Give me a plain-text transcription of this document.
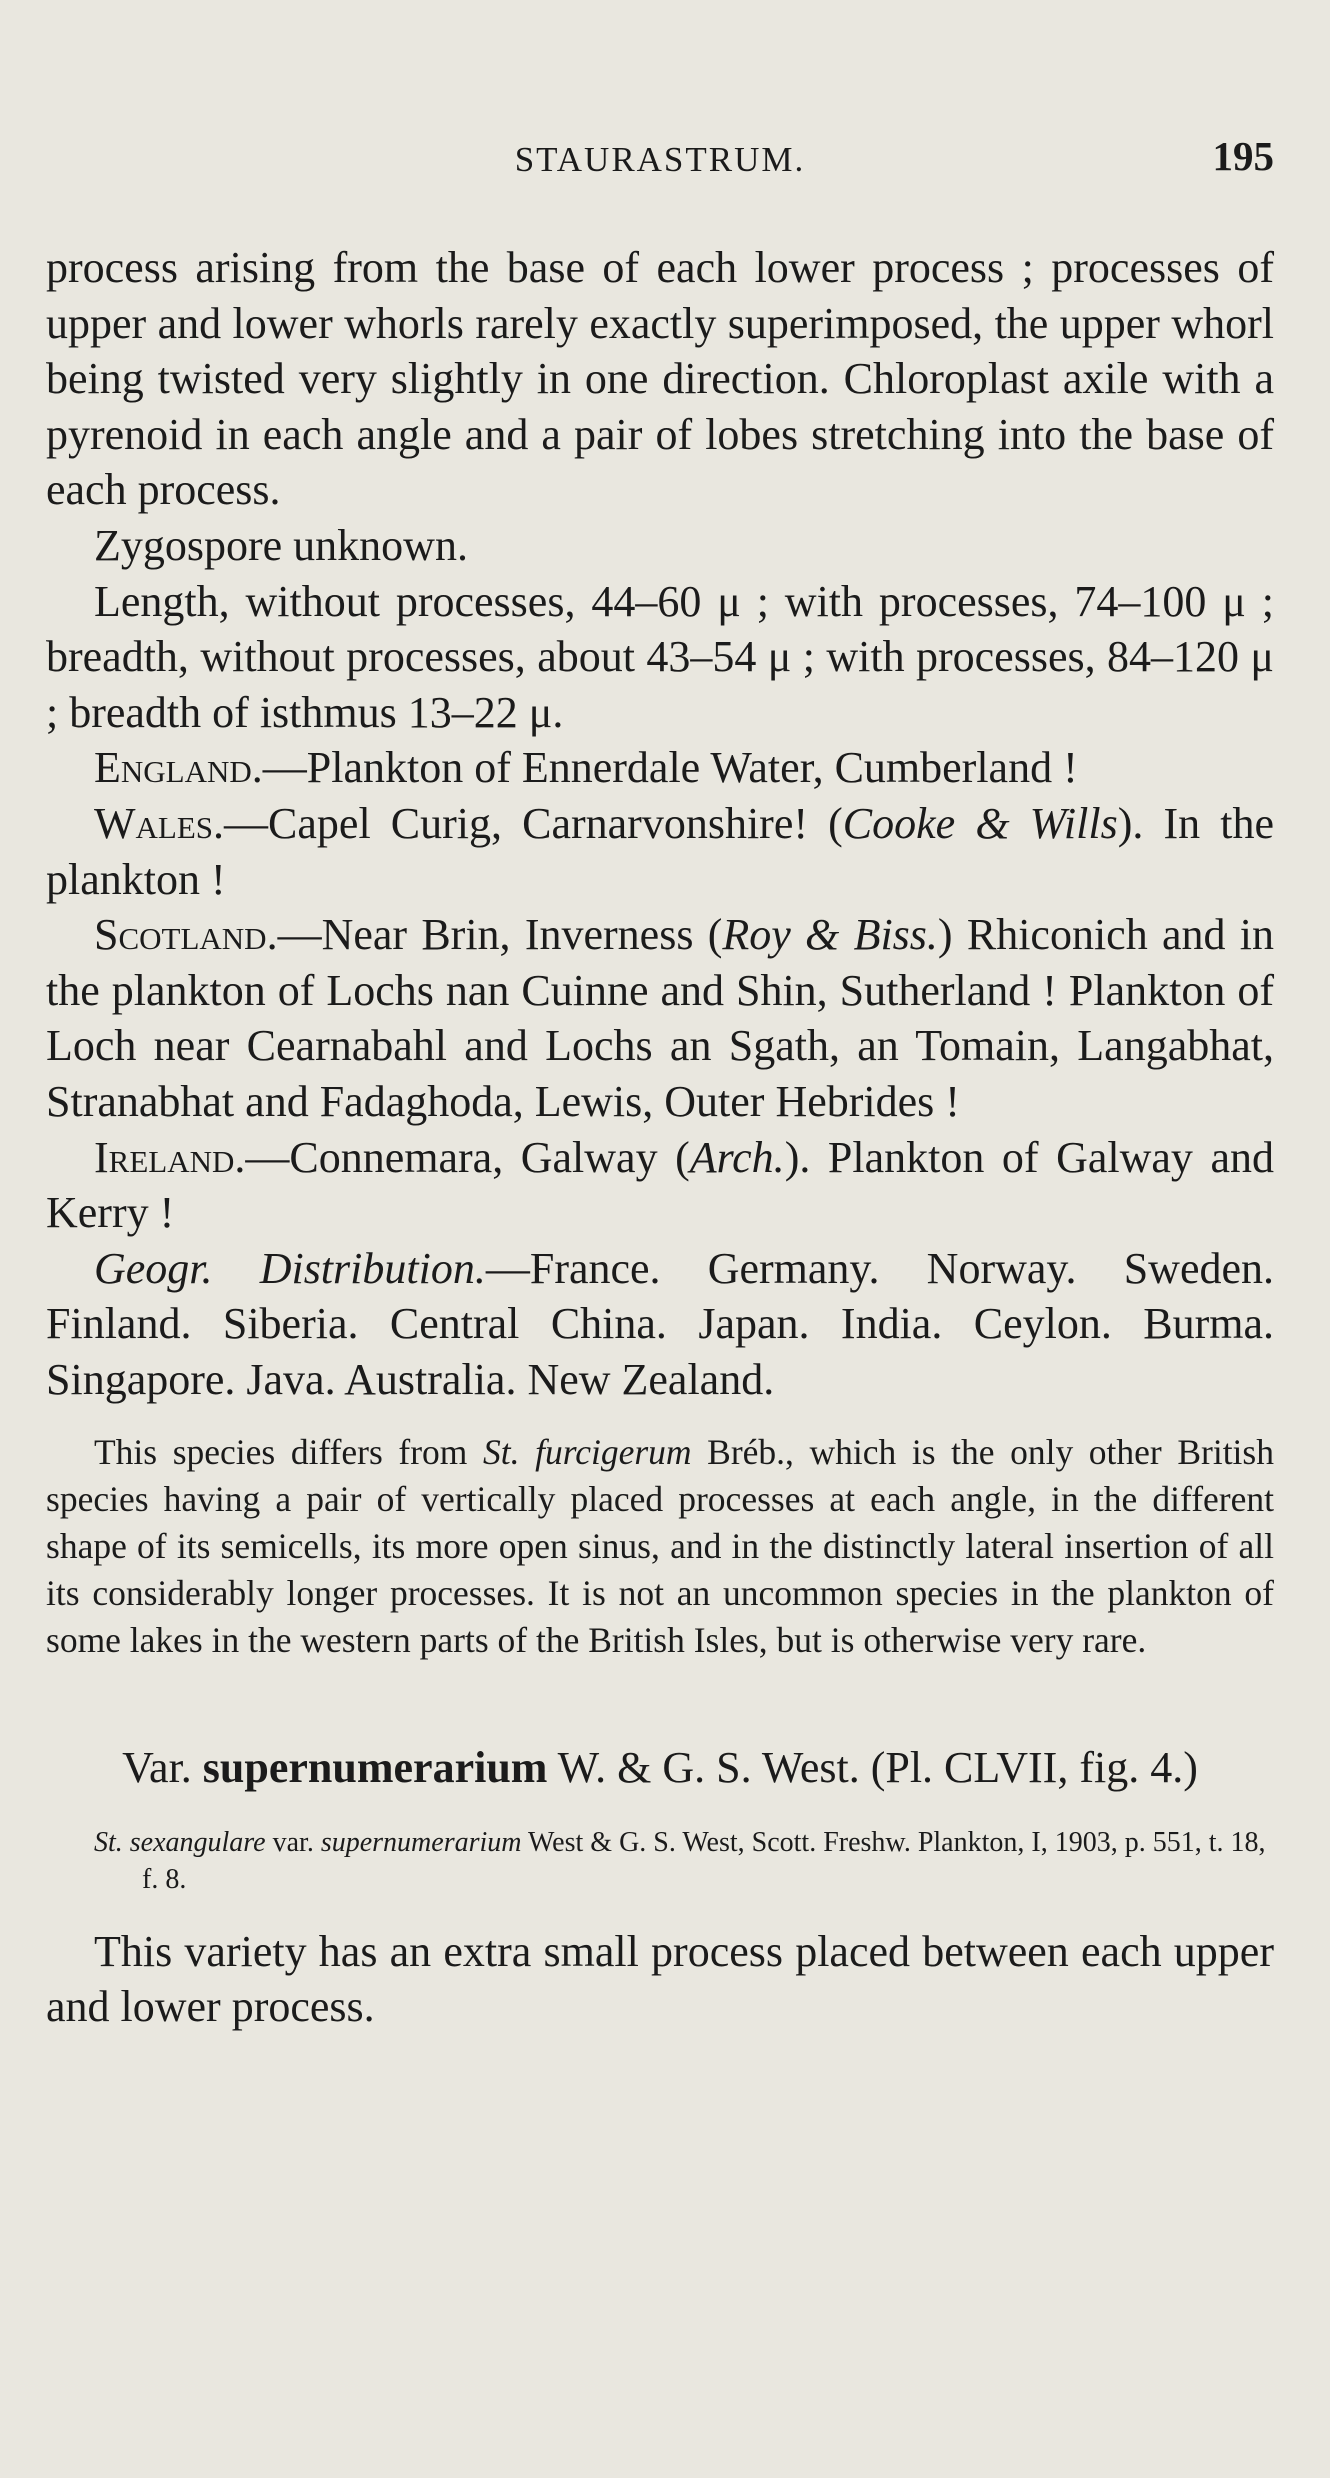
STAURASTRUM.	195

process arising from the base of each lower process ; processes of upper and lower whorls rarely exactly superimposed, the upper whorl being twisted very slightly in one direction. Chloroplast axile with a pyrenoid in each angle and a pair of lobes stretching into the base of each process.

Zygospore unknown.

Length, without processes, 44–60 μ ; with processes, 74–100 μ ; breadth, without processes, about 43–54 μ ; with processes, 84–120 μ ; breadth of isthmus 13–22 μ.

England.—Plankton of Ennerdale Water, Cumberland !

Wales.—Capel Curig, Carnarvonshire! (Cooke & Wills). In the plankton !

Scotland.—Near Brin, Inverness (Roy & Biss.) Rhiconich and in the plankton of Lochs nan Cuinne and Shin, Sutherland ! Plankton of Loch near Cearnabahl and Lochs an Sgath, an Tomain, Langabhat, Stranabhat and Fadaghoda, Lewis, Outer Hebrides !

Ireland.—Connemara, Galway (Arch.). Plankton of Galway and Kerry !

Geogr. Distribution.—France. Germany. Norway. Sweden. Finland. Siberia. Central China. Japan. India. Ceylon. Burma. Singapore. Java. Australia. New Zealand.

This species differs from St. furcigerum Bréb., which is the only other British species having a pair of vertically placed processes at each angle, in the different shape of its semicells, its more open sinus, and in the distinctly lateral insertion of all its considerably longer processes. It is not an uncommon species in the plankton of some lakes in the western parts of the British Isles, but is otherwise very rare.

Var. supernumerarium W. & G. S. West. (Pl. CLVII, fig. 4.)

St. sexangulare var. supernumerarium West & G. S. West, Scott. Freshw. Plankton, I, 1903, p. 551, t. 18, f. 8.

This variety has an extra small process placed between each upper and lower process.
